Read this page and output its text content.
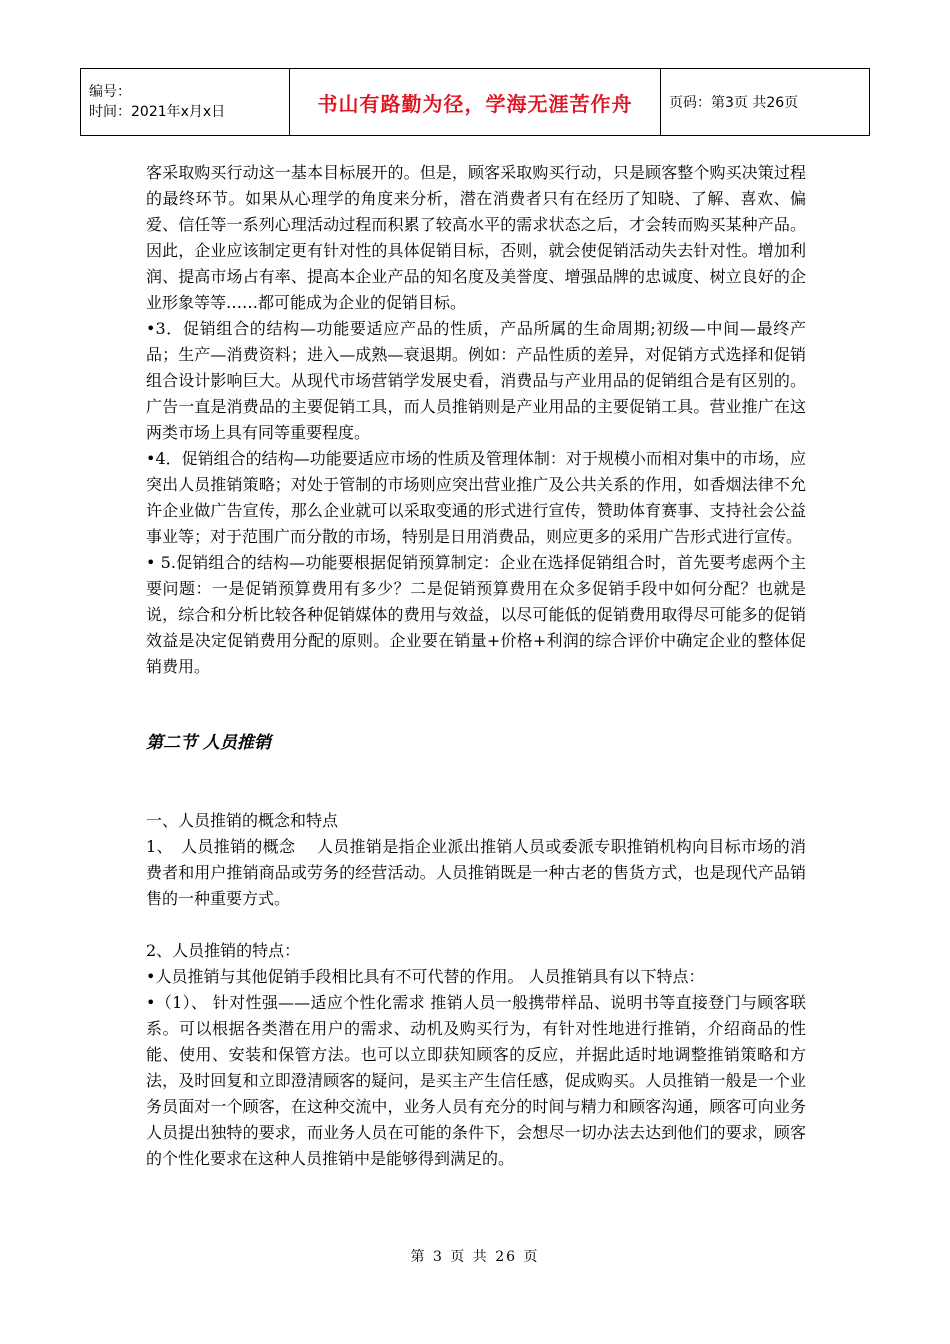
编号：
时间：2021年x月x日	书山有路勤为径，学海无涯苦作舟	页码：第3页 共26页

客采取购买行动这一基本目标展开的。但是，顾客采取购买行动，只是顾客整个购买决策过程的最终环节。如果从心理学的角度来分析，潜在消费者只有在经历了知晓、了解、喜欢、偏爱、信任等一系列心理活动过程而积累了较高水平的需求状态之后，才会转而购买某种产品。因此，企业应该制定更有针对性的具体促销目标，否则，就会使促销活动失去针对性。增加利润、提高市场占有率、提高本企业产品的知名度及美誉度、增强品牌的忠诚度、树立良好的企业形象等等……都可能成为企业的促销目标。

•3．促销组合的结构—功能要适应产品的性质，产品所属的生命周期;初级—中间—最终产品；生产—消费资料；进入—成熟—衰退期。例如：产品性质的差异，对促销方式选择和促销组合设计影响巨大。从现代市场营销学发展史看，消费品与产业用品的促销组合是有区别的。广告一直是消费品的主要促销工具，而人员推销则是产业用品的主要促销工具。营业推广在这两类市场上具有同等重要程度。

•4．促销组合的结构—功能要适应市场的性质及管理体制：对于规模小而相对集中的市场，应突出人员推销策略；对处于管制的市场则应突出营业推广及公共关系的作用，如香烟法律不允许企业做广告宣传，那么企业就可以采取变通的形式进行宣传，赞助体育赛事、支持社会公益事业等；对于范围广而分散的市场，特别是日用消费品，则应更多的采用广告形式进行宣传。

• 5.促销组合的结构—功能要根据促销预算制定：企业在选择促销组合时，首先要考虑两个主要问题：一是促销预算费用有多少？二是促销预算费用在众多促销手段中如何分配？也就是说，综合和分析比较各种促销媒体的费用与效益，以尽可能低的促销费用取得尽可能多的促销效益是决定促销费用分配的原则。企业要在销量+价格+利润的综合评价中确定企业的整体促销费用。

第二节 人员推销

一、人员推销的概念和特点

1、　人员推销的概念　 人员推销是指企业派出推销人员或委派专职推销机构向目标市场的消费者和用户推销商品或劳务的经营活动。人员推销既是一种古老的售货方式，也是现代产品销售的一种重要方式。

2、人员推销的特点：

•人员推销与其他促销手段相比具有不可代替的作用。 人员推销具有以下特点：

•（1）、 针对性强——适应个性化需求 推销人员一般携带样品、说明书等直接登门与顾客联系。可以根据各类潜在用户的需求、动机及购买行为，有针对性地进行推销，介绍商品的性能、使用、安装和保管方法。也可以立即获知顾客的反应，并据此适时地调整推销策略和方法，及时回复和立即澄清顾客的疑问，是买主产生信任感，促成购买。人员推销一般是一个业务员面对一个顾客，在这种交流中，业务人员有充分的时间与精力和顾客沟通，顾客可向业务人员提出独特的要求，而业务人员在可能的条件下，会想尽一切办法去达到他们的要求，顾客的个性化要求在这种人员推销中是能够得到满足的。

第 3 页 共 26 页
